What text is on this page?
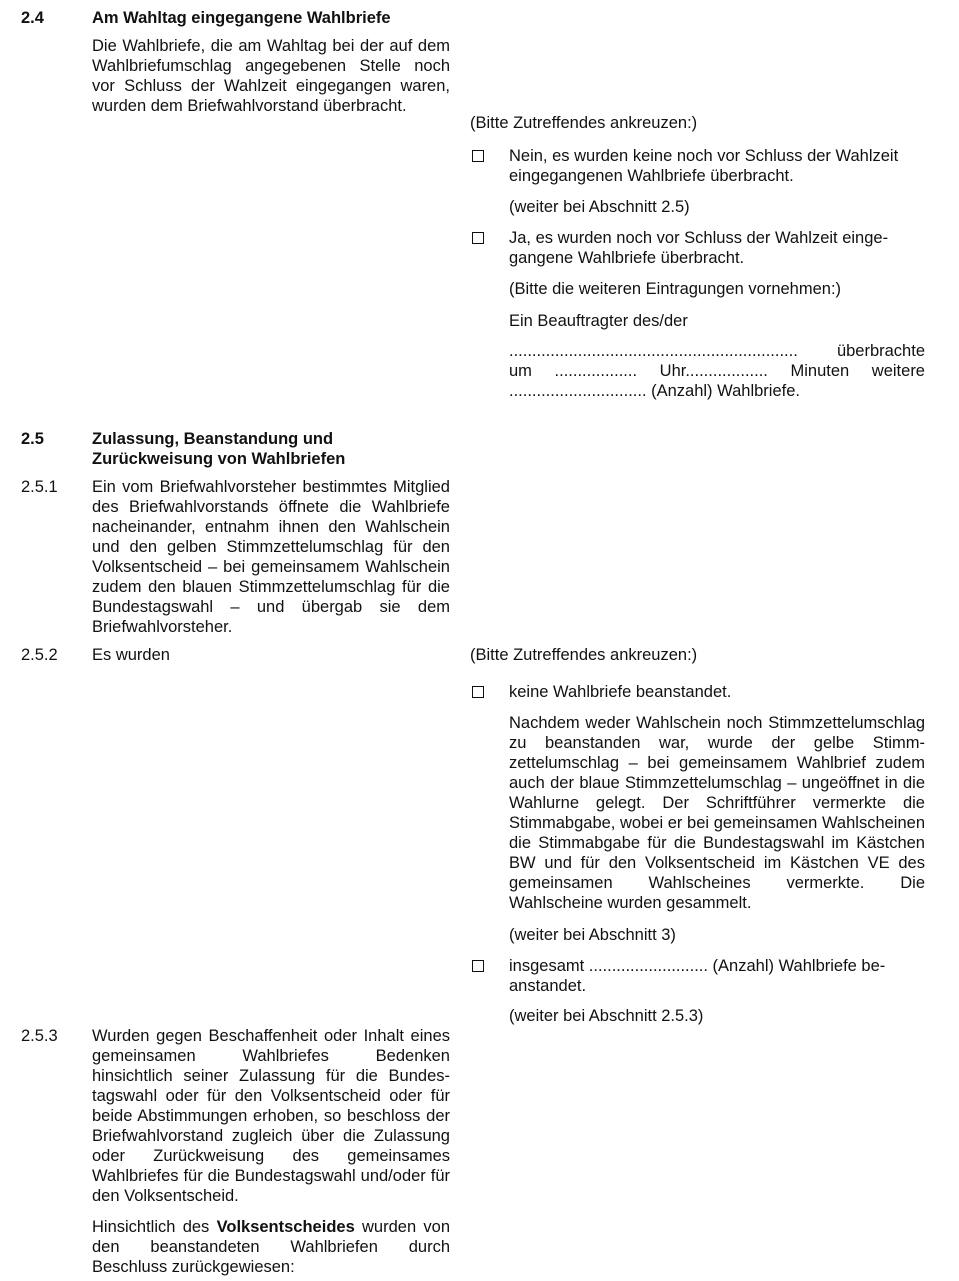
2.4	Am Wahltag eingegangene Wahlbriefe
Die Wahlbriefe, die am Wahltag bei der auf dem Wahlbriefumschlag angegebenen Stelle noch vor Schluss der Wahlzeit eingegangen waren, wurden dem Briefwahlvorstand überbracht.
(Bitte Zutreffendes ankreuzen:)
Nein, es wurden keine noch vor Schluss der Wahlzeit eingegangenen Wahlbriefe überbracht.
(weiter bei Abschnitt 2.5)
Ja, es wurden noch vor Schluss der Wahlzeit eingegangene Wahlbriefe überbracht.
(Bitte die weiteren Eintragungen vornehmen:)
Ein Beauftragter des/der
............................................................... überbrachte
um .................. Uhr.................. Minuten weitere
.............................. (Anzahl) Wahlbriefe.
2.5	Zulassung, Beanstandung und
Zurückweisung von Wahlbriefen
2.5.1 Ein vom Briefwahlvorsteher bestimmtes Mitglied des Briefwahlvorstands öffnete die Wahlbriefe nacheinander, entnahm ihnen den Wahlschein und den gelben Stimmzettelumschlag für den Volksentscheid – bei gemeinsamem Wahlschein zudem den blauen Stimmzettelumschlag für die Bundestagswahl – und übergab sie dem Briefwahlvorsteher.
2.5.2 Es wurden	(Bitte Zutreffendes ankreuzen:)
keine Wahlbriefe beanstandet.
Nachdem weder Wahlschein noch Stimmzettelumschlag zu beanstanden war, wurde der gelbe Stimmzettelumschlag – bei gemeinsamem Wahlbrief zudem auch der blaue Stimmzettelumschlag – ungeöffnet in die Wahlurne gelegt. Der Schriftführer vermerkte die Stimmabgabe, wobei er bei gemeinsamen Wahlscheinen die Stimmabgabe für die Bundestagswahl im Kästchen BW und für den Volksentscheid im Kästchen VE des gemeinsamen Wahlscheines vermerkte. Die Wahlscheine wurden gesammelt.
(weiter bei Abschnitt 3)
insgesamt .......................... (Anzahl) Wahlbriefe beanstandet.
(weiter bei Abschnitt 2.5.3)
2.5.3 Wurden gegen Beschaffenheit oder Inhalt eines gemeinsamen Wahlbriefes Bedenken hinsichtlich seiner Zulassung für die Bundestagswahl oder für den Volksentscheid oder für beide Abstimmungen erhoben, so beschloss der Briefwahlvorstand zugleich über die Zulassung oder Zurückweisung des gemeinsames Wahlbriefes für die Bundestagswahl und/oder für den Volksentscheid.
Hinsichtlich des Volksentscheides wurden von den beanstandeten Wahlbriefen durch Beschluss zurückgewiesen:
